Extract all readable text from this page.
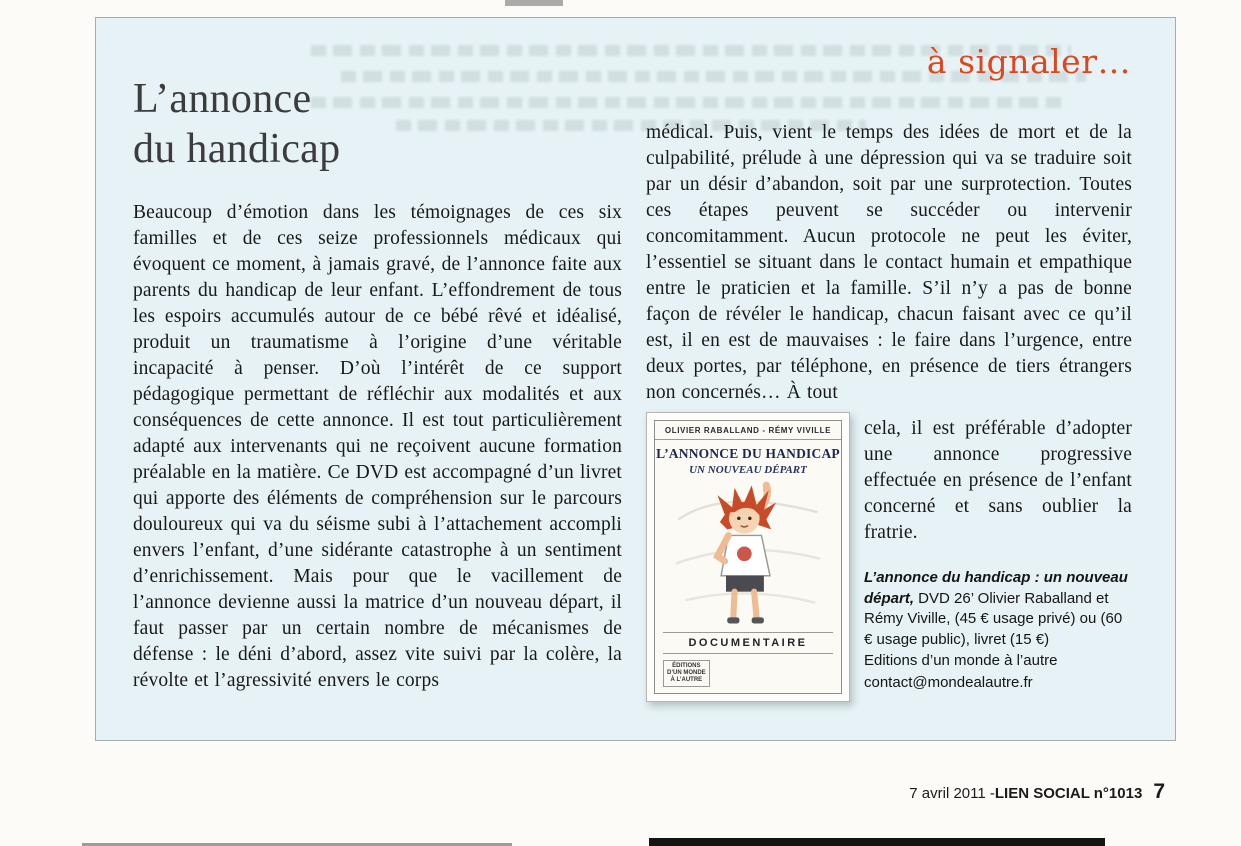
à signaler…
L’annonce
du handicap

Beaucoup d’émotion dans les témoignages de ces six familles et de ces seize professionnels médicaux qui évoquent ce moment, à jamais gravé, de l’annonce faite aux parents du handicap de leur enfant. L’effondrement de tous les espoirs accumulés autour de ce bébé rêvé et idéalisé, produit un traumatisme à l’origine d’une véritable incapacité à penser. D’où l’intérêt de ce support pédagogique permettant de réfléchir aux modalités et aux conséquences de cette annonce. Il est tout particulièrement adapté aux intervenants qui ne reçoivent aucune formation préalable en la matière. Ce DVD est accompagné d’un livret qui apporte des éléments de compréhension sur le parcours douloureux qui va du séisme subi à l’attachement accompli envers l’enfant, d’une sidérante catastrophe à un sentiment d’enrichissement. Mais pour que le vacillement de l’annonce devienne aussi la matrice d’un nouveau départ, il faut passer par un certain nombre de mécanismes de défense : le déni d’abord, assez vite suivi par la colère, la révolte et l’agressivité envers le corps

médical. Puis, vient le temps des idées de mort et de la culpabilité, prélude à une dépression qui va se traduire soit par un désir d’abandon, soit par une surprotection. Toutes ces étapes peuvent se succéder ou intervenir concomitamment. Aucun protocole ne peut les éviter, l’essentiel se situant dans le contact humain et empathique entre le praticien et la famille. S’il n’y a pas de bonne façon de révéler le handicap, chacun faisant avec ce qu’il est, il en est de mauvaises : le faire dans l’urgence, entre deux portes, par téléphone, en présence de tiers étrangers non concernés… À tout

OLIVIER RABALLAND - RÉMY VIVILLE
L’ANNONCE DU HANDICAP
UN NOUVEAU DÉPART
DOCUMENTAIRE
ÉDITIONS
D’UN MONDE
À L’AUTRE

cela, il est préférable d’adopter une annonce progressive effectuée en présence de l’enfant concerné et sans oublier la fratrie.

L’annonce du handicap : un nouveau départ, DVD 26’ Olivier Raballand et Rémy Viville, (45 € usage privé) ou (60 € usage public), livret (15 €)
Editions d’un monde à l’autre
contact@mondealautre.fr
7 avril 2011 - LIEN SOCIAL n°1013 7
